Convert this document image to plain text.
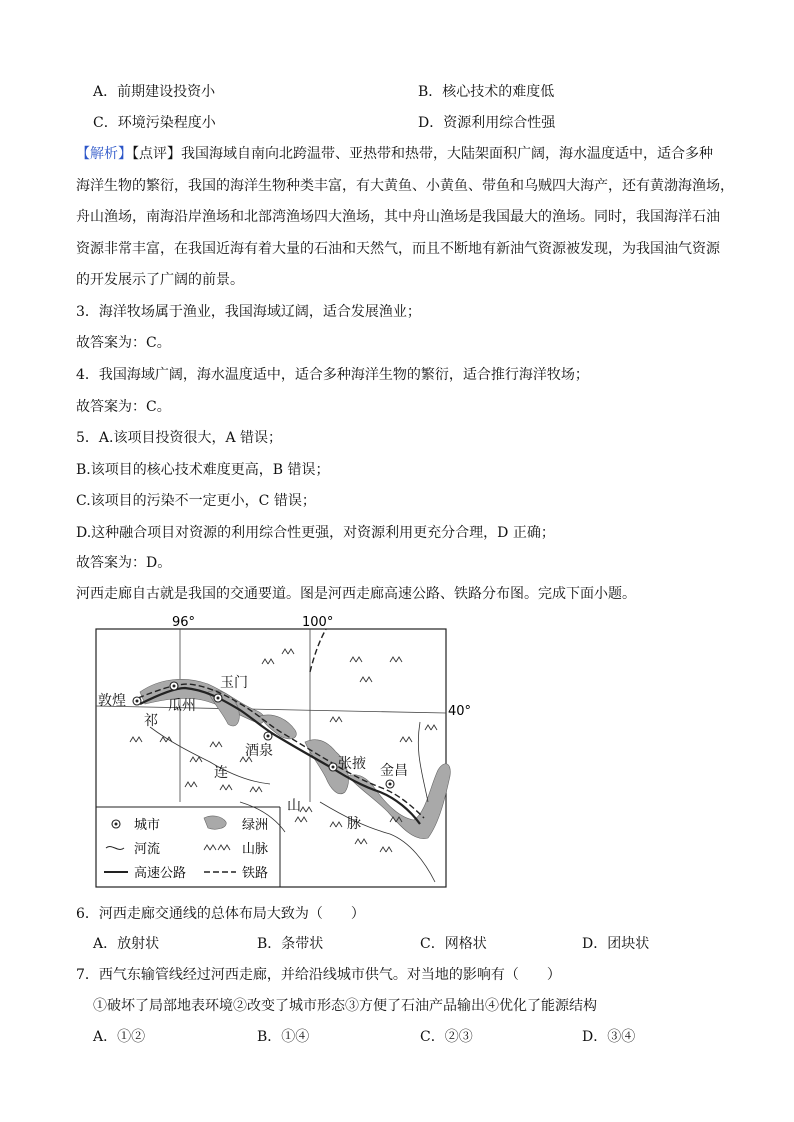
A．前期建设投资小	B．核心技术的难度低
C．环境污染程度小	D．资源利用综合性强
【解析】【点评】我国海域自南向北跨温带、亚热带和热带，大陆架面积广阔，海水温度适中，适合多种
海洋生物的繁衍，我国的海洋生物种类丰富，有大黄鱼、小黄鱼、带鱼和乌贼四大海产，还有黄渤海渔场，
舟山渔场，南海沿岸渔场和北部湾渔场四大渔场，其中舟山渔场是我国最大的渔场。同时，我国海洋石油
资源非常丰富，在我国近海有着大量的石油和天然气，而且不断地有新油气资源被发现，为我国油气资源
的开发展示了广阔的前景。
3．海洋牧场属于渔业，我国海域辽阔，适合发展渔业；
故答案为：C。
4．我国海域广阔，海水温度适中，适合多种海洋生物的繁衍，适合推行海洋牧场；
故答案为：C。
5．A.该项目投资很大，A 错误；
B.该项目的核心技术难度更高，B 错误；
C.该项目的污染不一定更小，C 错误；
D.这种融合项目对资源的利用综合性更强，对资源利用更充分合理，D 正确；
故答案为：D。
河西走廊自古就是我国的交通要道。图是河西走廊高速公路、铁路分布图。完成下面小题。
96°	100°
40°
敦煌	瓜州
玉门
酒泉
张掖 金昌
祁
连
山
脉
城市	绿洲
河流	山脉
高速公路	铁路
6．河西走廊交通线的总体布局大致为（　　）
A．放射状	B．条带状	C．网格状	D．团块状
7．西气东输管线经过河西走廊，并给沿线城市供气。对当地的影响有（　　）
①破坏了局部地表环境②改变了城市形态③方便了石油产品输出④优化了能源结构
A．①②	B．①④	C．②③	D．③④
